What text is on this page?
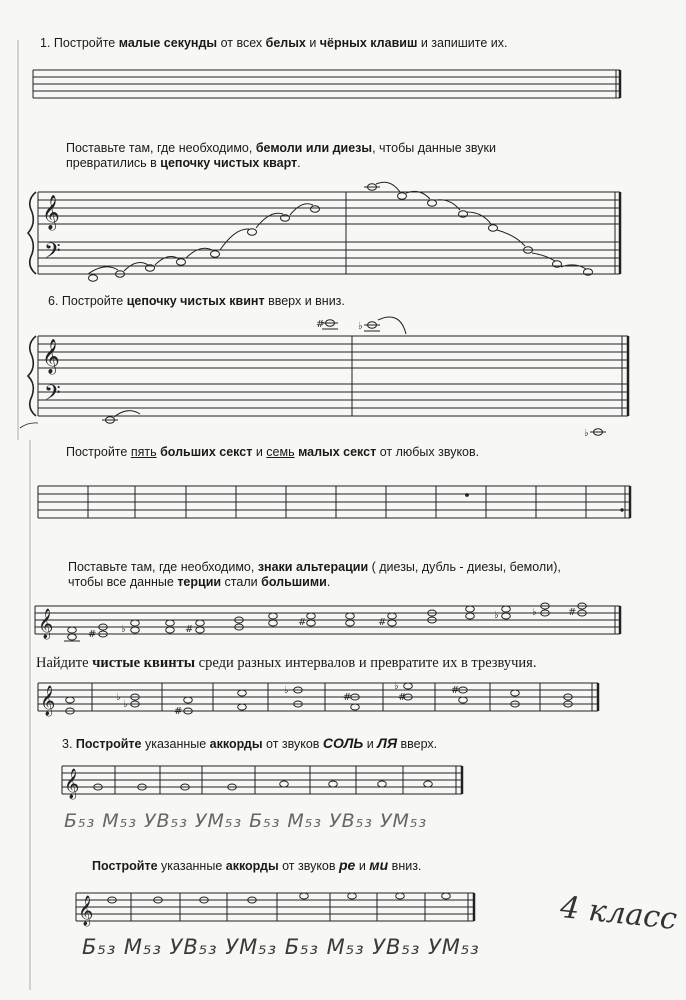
𝄞
𝄢
𝄞
𝄢
#	♭
♭
𝄞	# ♭	#
#	#
♭	♭	#
𝄞	♭
♭
#
♭
#
♭
#
#
𝄞
𝄞

1. Постройте малые секунды от всех белых и чёрных клавиш и запишите их.

Поставьте там, где необходимо, бемоли или диезы, чтобы данные звуки

превратились в цепочку чистых кварт.

6. Постройте цепочку чистых квинт вверх и вниз.

Постройте пять больших секст и семь малых секст от любых звуков.

Поставьте там, где необходимо, знаки альтерации ( диезы, дубль - диезы, бемоли),

чтобы все данные терции стали большими.

Найдите чистые квинты среди разных интервалов и превратите их в трезвучия.

3. Постройте указанные аккорды от звуков СОЛЬ и ЛЯ вверх.

Б₅₃ М₅₃ УВ₅₃ УМ₅₃ Б₅₃ М₅₃ УВ₅₃ УМ₅₃

Постройте указанные аккорды от звуков ре и ми вниз.

Б₅₃ М₅₃ УВ₅₃ УМ₅₃ Б₅₃ М₅₃ УВ₅₃ УМ₅₃
4 класс
